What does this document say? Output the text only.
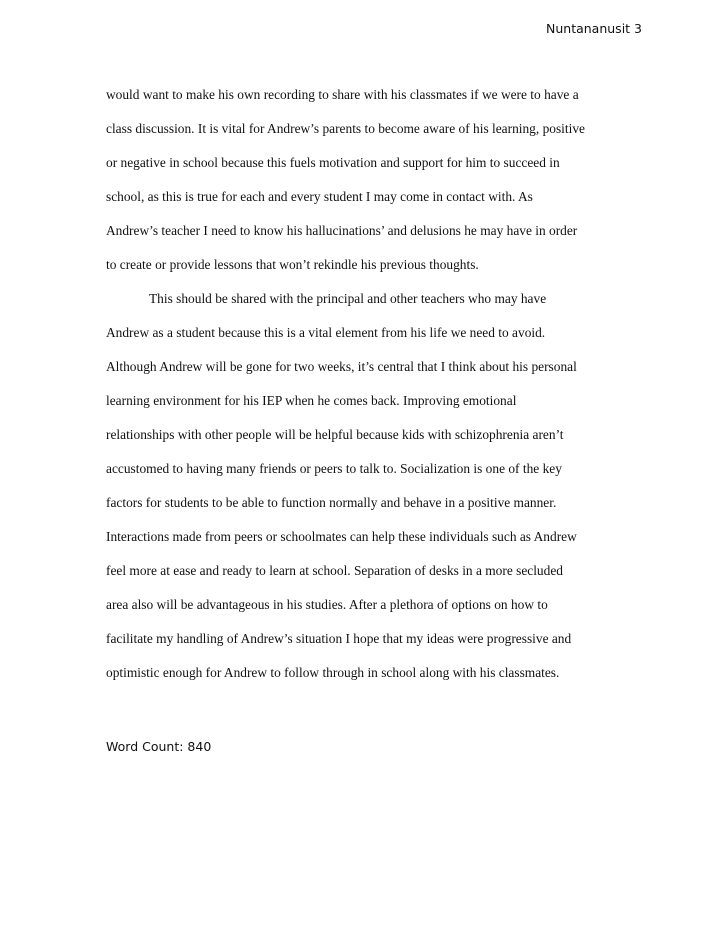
Nuntananusit 3
would want to make his own recording to share with his classmates if we were to have a
class discussion. It is vital for Andrew’s parents to become aware of his learning, positive
or negative in school because this fuels motivation and support for him to succeed in
school, as this is true for each and every student I may come in contact with. As
Andrew’s teacher I need to know his hallucinations’ and delusions he may have in order
to create or provide lessons that won’t rekindle his previous thoughts.
This should be shared with the principal and other teachers who may have
Andrew as a student because this is a vital element from his life we need to avoid.
Although Andrew will be gone for two weeks, it’s central that I think about his personal
learning environment for his IEP when he comes back. Improving emotional
relationships with other people will be helpful because kids with schizophrenia aren’t
accustomed to having many friends or peers to talk to. Socialization is one of the key
factors for students to be able to function normally and behave in a positive manner.
Interactions made from peers or schoolmates can help these individuals such as Andrew
feel more at ease and ready to learn at school. Separation of desks in a more secluded
area also will be advantageous in his studies. After a plethora of options on how to
facilitate my handling of Andrew’s situation I hope that my ideas were progressive and
optimistic enough for Andrew to follow through in school along with his classmates.
Word Count: 840
